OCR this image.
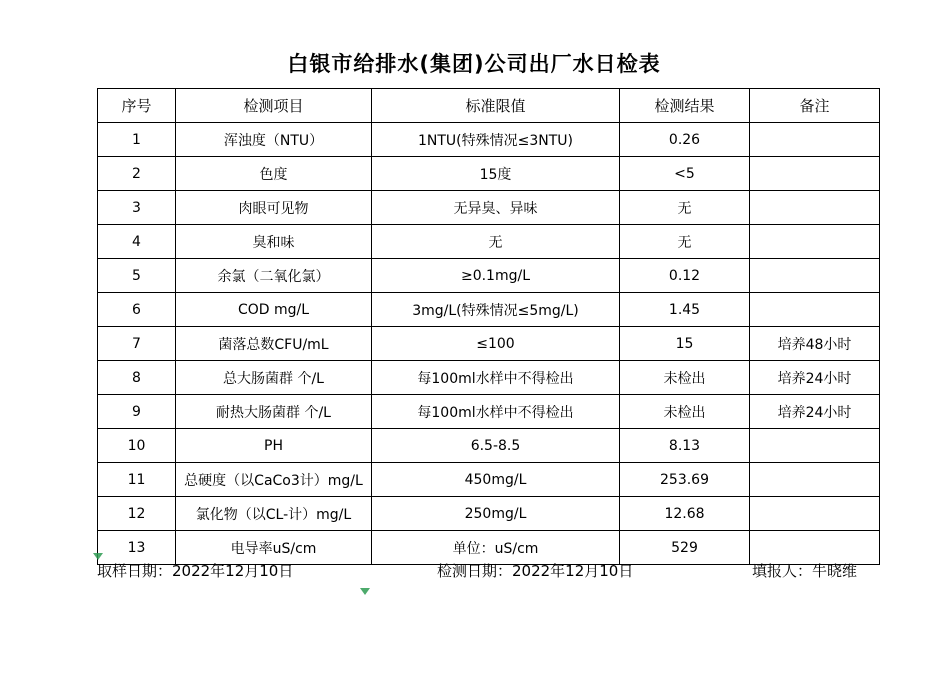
白银市给排水(集团)公司出厂水日检表
序号	检测项目	标准限值	检测结果	备注
1	浑浊度（NTU）	1NTU(特殊情况≤3NTU)	0.26	
2	色度	15度	<5	
3	肉眼可见物	无异臭、异味	无	
4	臭和味	无	无	
5	余氯（二氧化氯）	≥0.1mg/L	0.12	
6	COD mg/L	3mg/L(特殊情况≤5mg/L)	1.45	
7	菌落总数CFU/mL	≤100	15	培养48小时
8	总大肠菌群 个/L	每100ml水样中不得检出	未检出	培养24小时
9	耐热大肠菌群 个/L	每100ml水样中不得检出	未检出	培养24小时
10	PH	6.5-8.5	8.13	
11	总硬度（以CaCo3计）mg/L	450mg/L	253.69	
12	氯化物（以CL-计）mg/L	250mg/L	12.68	
13	电导率uS/cm	单位：uS/cm	529	
取样日期：2022年12月10日	检测日期：2022年12月10日	填报人：牛晓维
